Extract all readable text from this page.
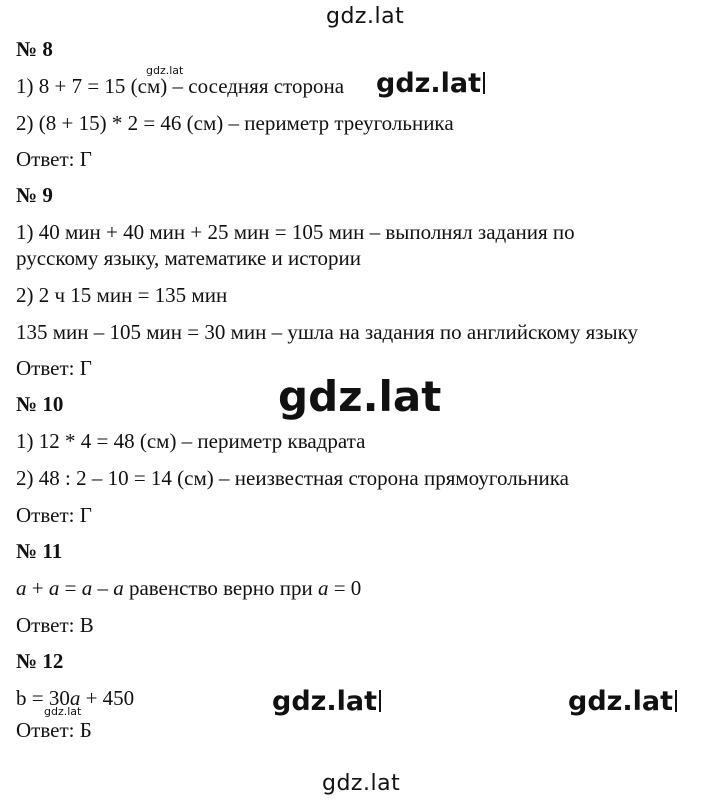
gdz.lat
№ 8
1) 8 + 7 = 15 (см) – соседняя сторона
gdz.lat	gdz.lat
2) (8 + 15) * 2 = 46 (см) – периметр треугольника
Ответ: Г
№ 9
1) 40 мин + 40 мин + 25 мин = 105 мин – выполнял задания по
русскому языку, математике и истории
2) 2 ч 15 мин = 135 мин
135 мин – 105 мин = 30 мин – ушла на задания по английскому языку
Ответ: Г
gdz.lat
№ 10
1) 12 * 4 = 48 (см) – периметр квадрата
2) 48 : 2 – 10 = 14 (см) – неизвестная сторона прямоугольника
Ответ: Г
№ 11
a + a = a – a равенство верно при a = 0
Ответ: В
№ 12
b = 30a + 450
gdz.lat
Ответ: Б
gdz.lat	gdz.lat
gdz.lat
